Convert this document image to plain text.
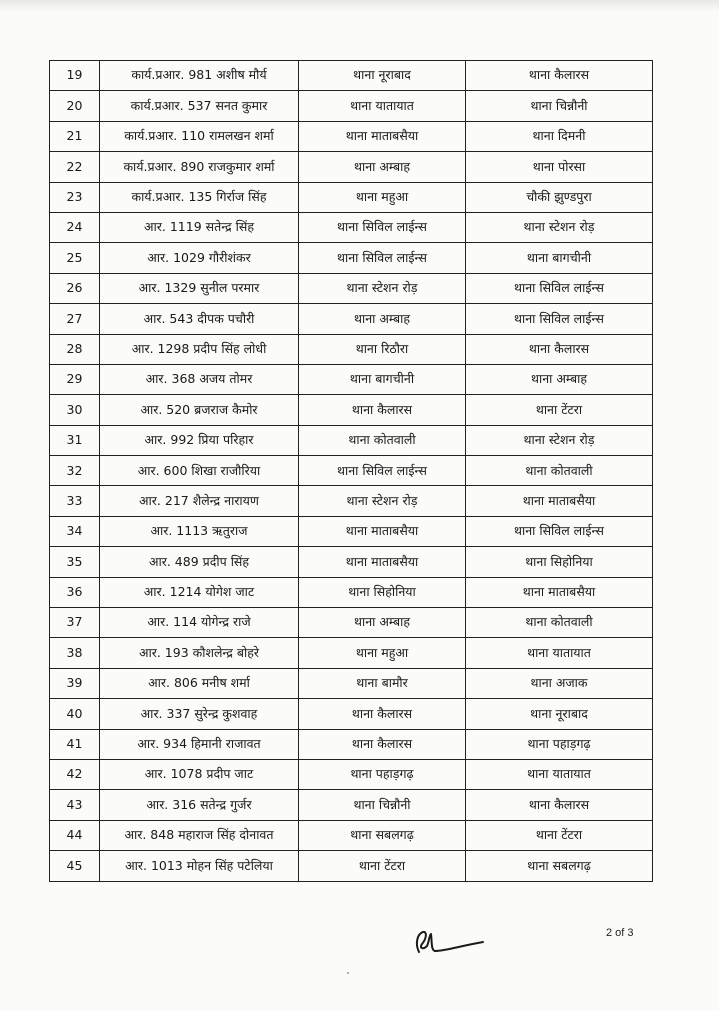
19	कार्य.प्रआर. 981 अशीष मौर्य	थाना नूराबाद	थाना कैलारस
20	कार्य.प्रआर. 537 सनत कुमार	थाना यातायात	थाना चिन्नौनी
21	कार्य.प्रआर. 110 रामलखन शर्मा	थाना माताबसैया	थाना दिमनी
22	कार्य.प्रआर. 890 राजकुमार शर्मा	थाना अम्बाह	थाना पोरसा
23	कार्य.प्रआर. 135 गिर्राज सिंह	थाना महुआ	चौकी झुण्डपुरा
24	आर. 1119 सतेन्द्र सिंह	थाना सिविल लाईन्स	थाना स्टेशन रोड़
25	आर. 1029 गौरीशंकर	थाना सिविल लाईन्स	थाना बागचीनी
26	आर. 1329 सुनील परमार	थाना स्टेशन रोड़	थाना सिविल लाईन्स
27	आर. 543 दीपक पचौरी	थाना अम्बाह	थाना सिविल लाईन्स
28	आर. 1298 प्रदीप सिंह लोधी	थाना रिठौरा	थाना कैलारस
29	आर. 368 अजय तोमर	थाना बागचीनी	थाना अम्बाह
30	आर. 520 ब्रजराज कैमोर	थाना कैलारस	थाना टेंटरा
31	आर. 992 प्रिया परिहार	थाना कोतवाली	थाना स्टेशन रोड़
32	आर. 600 शिखा राजौरिया	थाना सिविल लाईन्स	थाना कोतवाली
33	आर. 217 शैलेन्द्र नारायण	थाना स्टेशन रोड़	थाना माताबसैया
34	आर. 1113 ऋतुराज	थाना माताबसैया	थाना सिविल लाईन्स
35	आर. 489 प्रदीप सिंह	थाना माताबसैया	थाना सिहोनिया
36	आर. 1214 योगेश जाट	थाना सिहोनिया	थाना माताबसैया
37	आर. 114 योगेन्द्र राजे	थाना अम्बाह	थाना कोतवाली
38	आर. 193 कौशलेन्द्र बोहरे	थाना महुआ	थाना यातायात
39	आर. 806 मनीष शर्मा	थाना बामौर	थाना अजाक
40	आर. 337 सुरेन्द्र कुशवाह	थाना कैलारस	थाना नूराबाद
41	आर. 934 हिमानी राजावत	थाना कैलारस	थाना पहाड़गढ़
42	आर. 1078 प्रदीप जाट	थाना पहाड़गढ़	थाना यातायात
43	आर. 316 सतेन्द्र गुर्जर	थाना चिन्नौनी	थाना कैलारस
44	आर. 848 महाराज सिंह दोनावत	थाना सबलगढ़	थाना टेंटरा
45	आर. 1013 मोहन सिंह पटेलिया	थाना टेंटरा	थाना सबलगढ़
2 of 3
